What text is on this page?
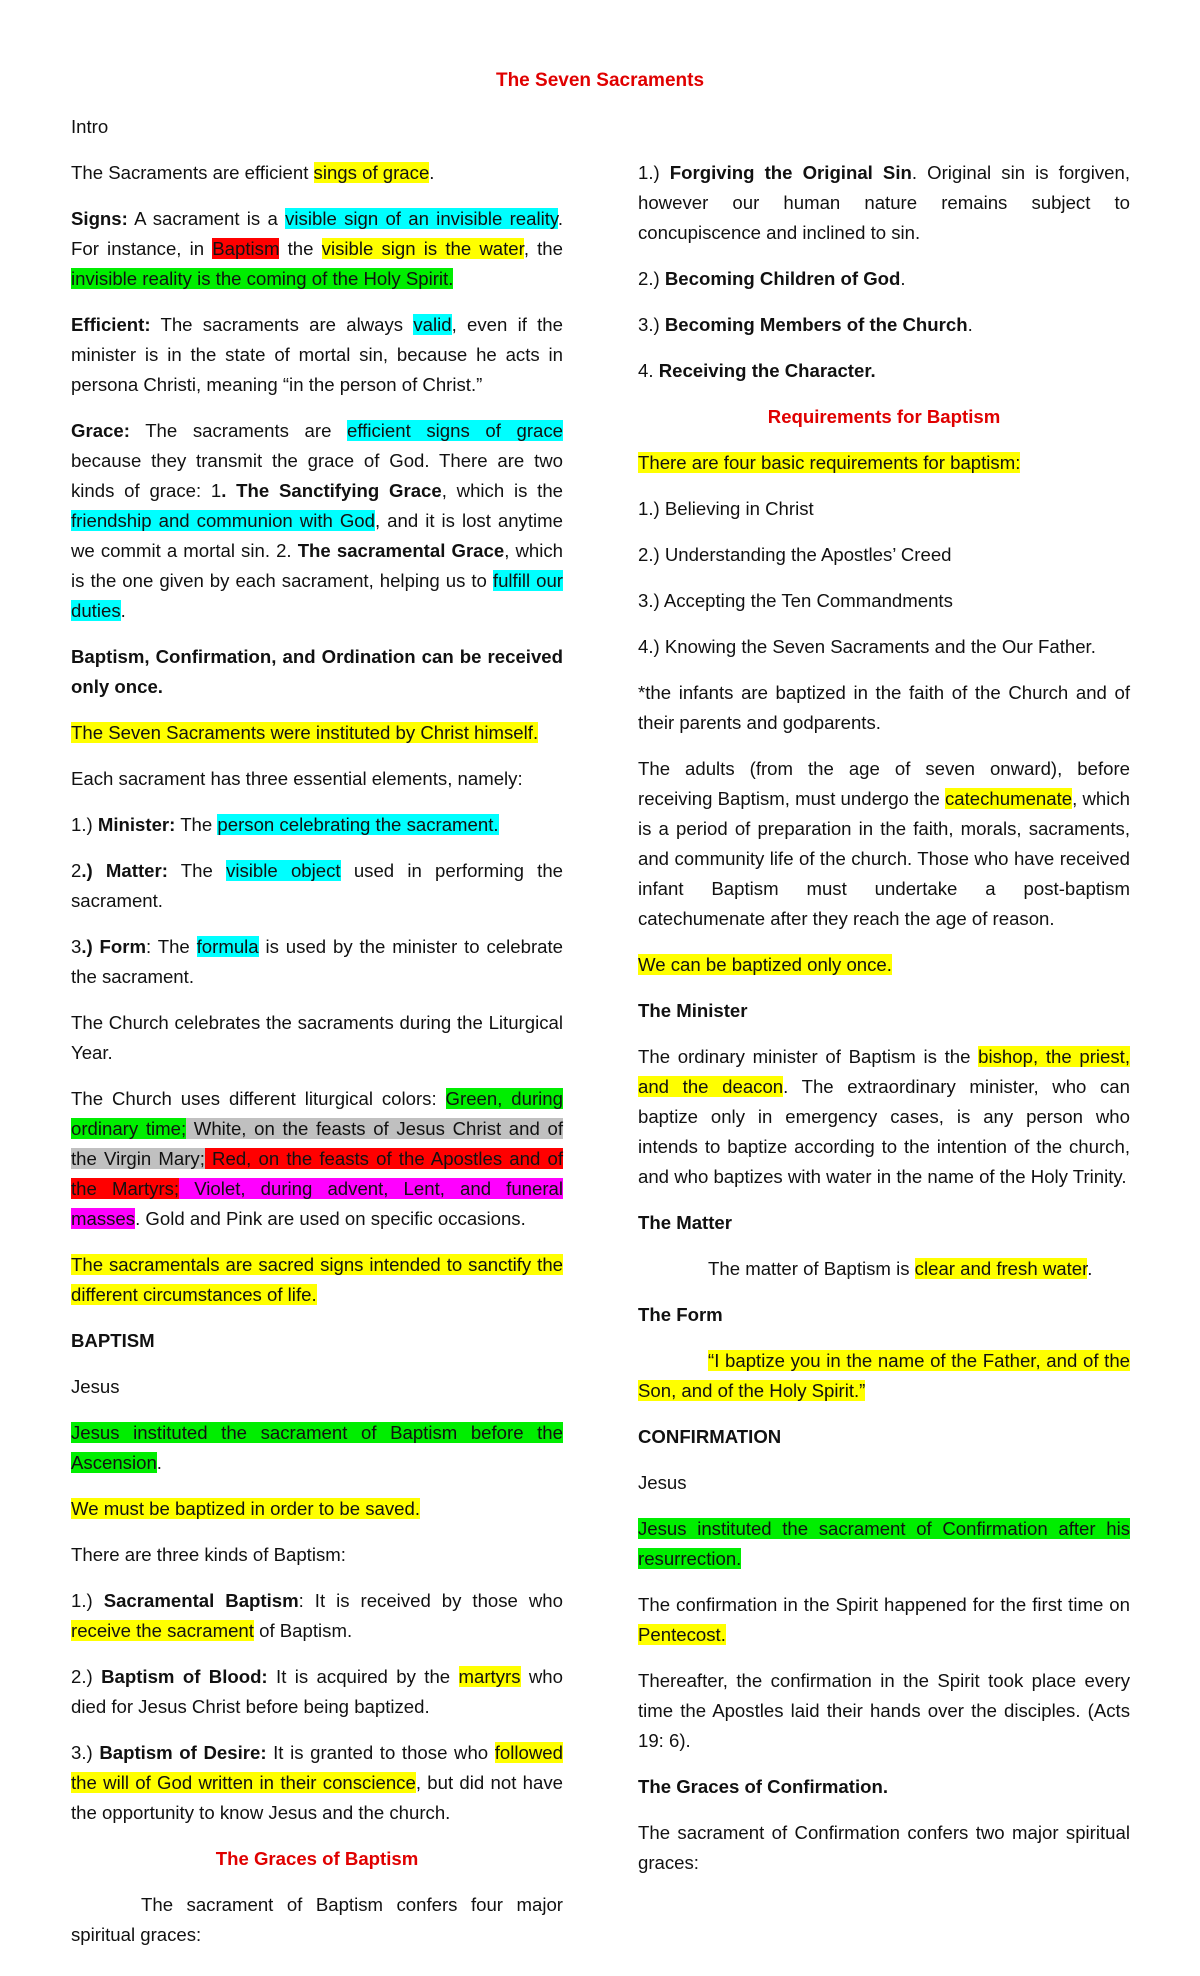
The Seven Sacraments

Intro

The Sacraments are efficient sings of grace.

Signs: A sacrament is a visible sign of an invisible reality. For instance, in Baptism the visible sign is the water, the invisible reality is the coming of the Holy Spirit.

Efficient: The sacraments are always valid, even if the minister is in the state of mortal sin, because he acts in persona Christi, meaning “in the person of Christ.”

Grace: The sacraments are efficient signs of grace because they transmit the grace of God. There are two kinds of grace: 1. The Sanctifying Grace, which is the friendship and communion with God, and it is lost anytime we commit a mortal sin. 2. The sacramental Grace, which is the one given by each sacrament, helping us to fulfill our duties.

Baptism, Confirmation, and Ordination can be received only once.

The Seven Sacraments were instituted by Christ himself.

Each sacrament has three essential elements, namely:

1.) Minister: The person celebrating the sacrament.

2.) Matter: The visible object used in performing the sacrament.

3.) Form: The formula is used by the minister to celebrate the sacrament.

The Church celebrates the sacraments during the Liturgical Year.

The Church uses different liturgical colors: Green, during ordinary time; White, on the feasts of Jesus Christ and of the Virgin Mary; Red, on the feasts of the Apostles and of the Martyrs; Violet, during advent, Lent, and funeral masses. Gold and Pink are used on specific occasions.

The sacramentals are sacred signs intended to sanctify the different circumstances of life.

BAPTISM

Jesus

Jesus instituted the sacrament of Baptism before the Ascension.

We must be baptized in order to be saved.

There are three kinds of Baptism:

1.) Sacramental Baptism: It is received by those who receive the sacrament of Baptism.

2.) Baptism of Blood: It is acquired by the martyrs who died for Jesus Christ before being baptized.

3.) Baptism of Desire: It is granted to those who followed the will of God written in their conscience, but did not have the opportunity to know Jesus and the church.

The Graces of Baptism

The sacrament of Baptism confers four major spiritual graces:

1.) Forgiving the Original Sin. Original sin is forgiven, however our human nature remains subject to concupiscence and inclined to sin.

2.) Becoming Children of God.

3.) Becoming Members of the Church.

4. Receiving the Character.

Requirements for Baptism

There are four basic requirements for baptism:

1.) Believing in Christ

2.) Understanding the Apostles’ Creed

3.) Accepting the Ten Commandments

4.) Knowing the Seven Sacraments and the Our Father.

*the infants are baptized in the faith of the Church and of their parents and godparents.

The adults (from the age of seven onward), before receiving Baptism, must undergo the catechumenate, which is a period of preparation in the faith, morals, sacraments, and community life of the church. Those who have received infant Baptism must undertake a post-baptism catechumenate after they reach the age of reason.

We can be baptized only once.

The Minister

The ordinary minister of Baptism is the bishop, the priest, and the deacon. The extraordinary minister, who can baptize only in emergency cases, is any person who intends to baptize according to the intention of the church, and who baptizes with water in the name of the Holy Trinity.

The Matter

The matter of Baptism is clear and fresh water.

The Form

“I baptize you in the name of the Father, and of the Son, and of the Holy Spirit.”

CONFIRMATION

Jesus

Jesus instituted the sacrament of Confirmation after his resurrection.

The confirmation in the Spirit happened for the first time on Pentecost.

Thereafter, the confirmation in the Spirit took place every time the Apostles laid their hands over the disciples. (Acts 19: 6).

The Graces of Confirmation.

The sacrament of Confirmation confers two major spiritual graces:
